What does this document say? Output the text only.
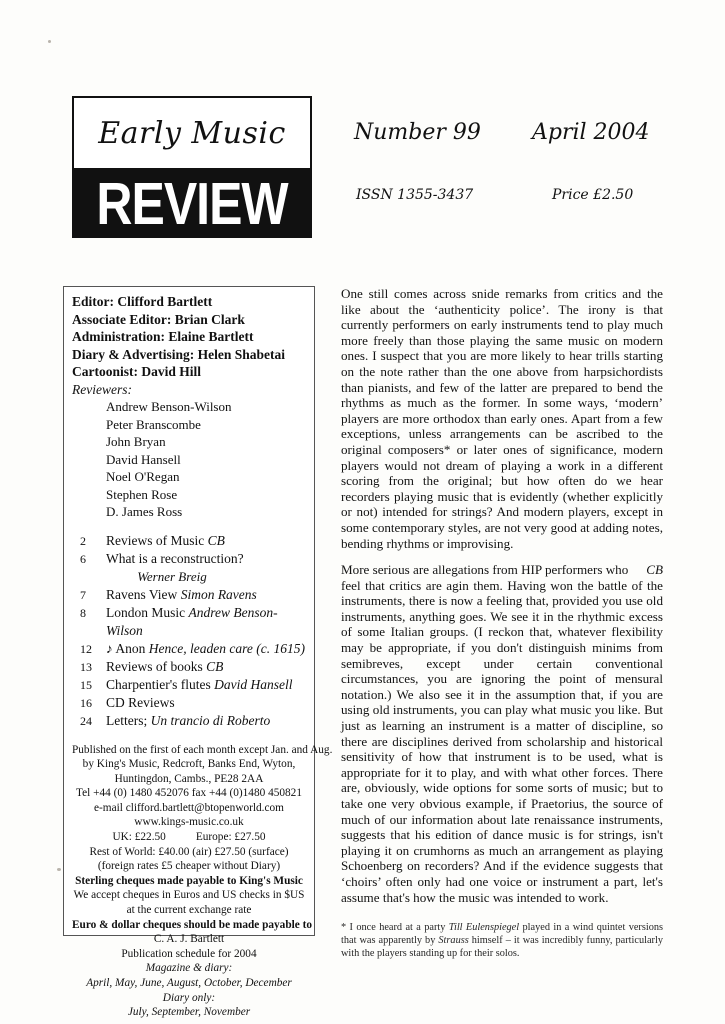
Early Music
REVIEW
Number 99 April 2004
ISSN 1355-3437	Price £2.50
Editor: Clifford Bartlett
Associate Editor: Brian Clark
Administration: Elaine Bartlett
Diary & Advertising: Helen Shabetai
Cartoonist: David Hill
Reviewers:
Andrew Benson-Wilson
Peter Branscombe
John Bryan
David Hansell
Noel O'Regan
Stephen Rose
D. James Ross
2	Reviews of Music CB
6	What is a reconstruction?
Werner Breig
7	Ravens View Simon Ravens
8	London Music Andrew Benson-Wilson
12	♪ Anon Hence, leaden care (c. 1615)
13	Reviews of books CB
15	Charpentier's flutes David Hansell
16	CD Reviews
24	Letters; Un trancio di Roberto
Published on the first of each month except Jan. and Aug.
by King's Music, Redcroft, Banks End, Wyton,
Huntingdon, Cambs., PE28 2AA
Tel +44 (0) 1480 452076 fax +44 (0)1480 450821
e-mail clifford.bartlett@btopenworld.com
www.kings-music.co.uk
UK: £22.50	Europe: £27.50
Rest of World: £40.00 (air) £27.50 (surface)
(foreign rates £5 cheaper without Diary)
Sterling cheques made payable to King's Music
We accept cheques in Euros and US checks in $US at the current exchange rate
Euro & dollar cheques should be made payable to
C. A. J. Bartlett
Publication schedule for 2004
Magazine & diary:
April, May, June, August, October, December
Diary only:
July, September, November

One still comes across snide remarks from critics and the like about the ‘authenticity police’. The irony is that currently performers on early instruments tend to play much more freely than those playing the same music on modern ones. I suspect that you are more likely to hear trills starting on the note rather than the one above from harpsichordists than pianists, and few of the latter are prepared to bend the rhythms as much as the former. In some ways, ‘modern’ players are more orthodox than early ones. Apart from a few exceptions, unless arrangements can be ascribed to the original composers* or later ones of significance, modern players would not dream of playing a work in a different scoring from the original; but how often do we hear recorders playing music that is evidently (whether explicitly or not) intended for strings? And modern players, except in some contemporary styles, are not very good at adding notes, bending rhythms or improvising.

CB
More serious are allegations from HIP performers who feel that critics are agin them. Having won the battle of the instruments, there is now a feeling that, provided you use old instruments, anything goes. We see it in the rhythmic excess of some Italian groups. (I reckon that, whatever flexibility may be appropriate, if you don't distinguish minims from semibreves, except under certain conventional circumstances, you are ignoring the point of mensural notation.) We also see it in the assumption that, if you are using old instruments, you can play what music you like. But just as learning an instrument is a matter of discipline, so there are disciplines derived from scholarship and historical sensitivity of how that instrument is to be used, what is appropriate for it to play, and with what other forces. There are, obviously, wide options for some sorts of music; but to take one very obvious example, if Praetorius, the source of much of our information about late renaissance instruments, suggests that his edition of dance music is for strings, isn't playing it on crumhorns as much an arrangement as playing Schoenberg on recorders? And if the evidence suggests that ‘choirs’ often only had one voice or instrument a part, let's assume that's how the music was intended to work.

* I once heard at a party Till Eulenspiegel played in a wind quintet versions that was apparently by Strauss himself – it was incredibly funny, particularly with the players standing up for their solos.
